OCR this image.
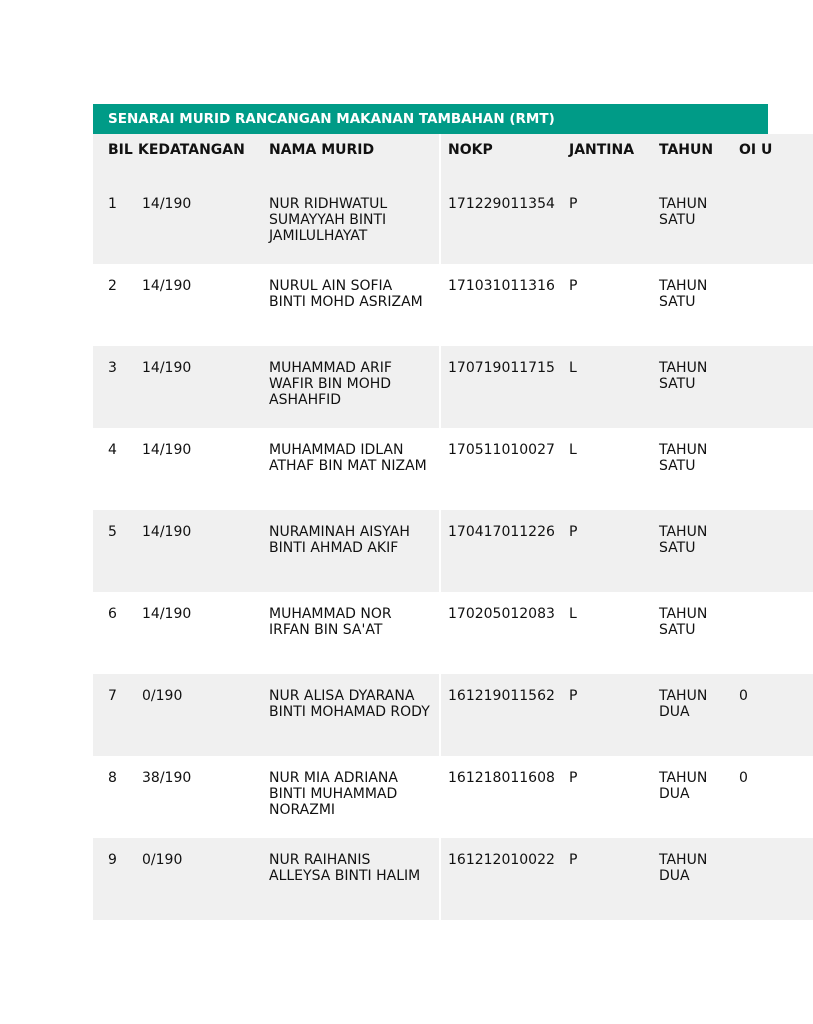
SENARAI MURID RANCANGAN MAKANAN TAMBAHAN (RMT)
BIL	KEDATANGAN	NAMA MURID	NOKP	JANTINA	TAHUN	OI U
1	14/190	NUR RIDHWATUL SUMAYYAH BINTI JAMILULHAYAT	171229011354	P	TAHUN SATU	
2	14/190	NURUL AIN SOFIA BINTI MOHD ASRIZAM	171031011316	P	TAHUN SATU	
3	14/190	MUHAMMAD ARIF WAFIR BIN MOHD ASHAHFID	170719011715	L	TAHUN SATU	
4	14/190	MUHAMMAD IDLAN ATHAF BIN MAT NIZAM	170511010027	L	TAHUN SATU	
5	14/190	NURAMINAH AISYAH BINTI AHMAD AKIF	170417011226	P	TAHUN SATU	
6	14/190	MUHAMMAD NOR IRFAN BIN SA'AT	170205012083	L	TAHUN SATU	
7	0/190	NUR ALISA DYARANA BINTI MOHAMAD RODY	161219011562	P	TAHUN DUA	0
8	38/190	NUR MIA ADRIANA BINTI MUHAMMAD NORAZMI	161218011608	P	TAHUN DUA	0
9	0/190	NUR RAIHANIS ALLEYSA BINTI HALIM	161212010022	P	TAHUN DUA	
